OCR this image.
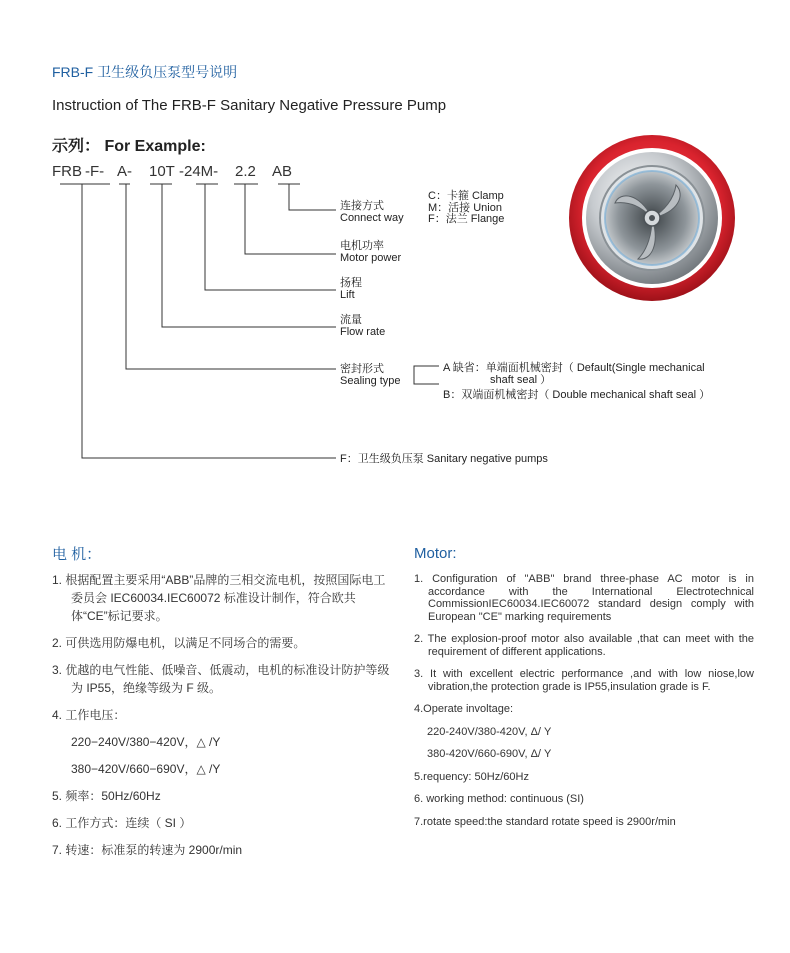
FRB-F 卫生级负压泵型号说明
Instruction of The FRB-F Sanitary Negative Pressure Pump
示列： For Example:
FRB -F- A- 10T -24M- 2.2 AB
连接方式
Connect way
C：卡箍 Clamp
M：活接 Union
F：法兰 Flange
电机功率
Motor power
扬程
Lift
流量
Flow rate
密封形式
Sealing type
A 缺省：单端面机械密封（ Default(Single mechanical
shaft seal ）
B：双端面机械密封（ Double mechanical shaft seal ）
F：卫生级负压泵 Sanitary negative pumps
电 机：
1. 根据配置主要采用“ABB”品牌的三相交流电机，按照国际电工委员会 IEC60034.IEC60072 标准设计制作，符合欧共体“CE”标记要求。
2. 可供选用防爆电机，以满足不同场合的需要。
3. 优越的电气性能、低噪音、低震动，电机的标准设计防护等级为 IP55，绝缘等级为 F 级。
4. 工作电压：
220−240V/380−420V，△ /Y
380−420V/660−690V，△ /Y
5. 频率：50Hz/60Hz
6. 工作方式：连续（ SI ）
7. 转速：标准泵的转速为 2900r/min
Motor:
1. Configuration of "ABB" brand three-phase AC motor is in accordance with the International Electrotechnical CommissionIEC60034.IEC60072 standard design comply with European "CE" marking requirements
2. The explosion-proof motor also available ,that can meet with the requirement of different applications.
3. It with excellent electric performance ,and with low niose,low vibration,the protection grade is IP55,insulation grade is F.
4.Operate involtage:
220-240V/380-420V, Δ/ Y
380-420V/660-690V, Δ/ Y
5.requency: 50Hz/60Hz
6. working method: continuous (SI)
7.rotate speed:the standard rotate speed is 2900r/min
